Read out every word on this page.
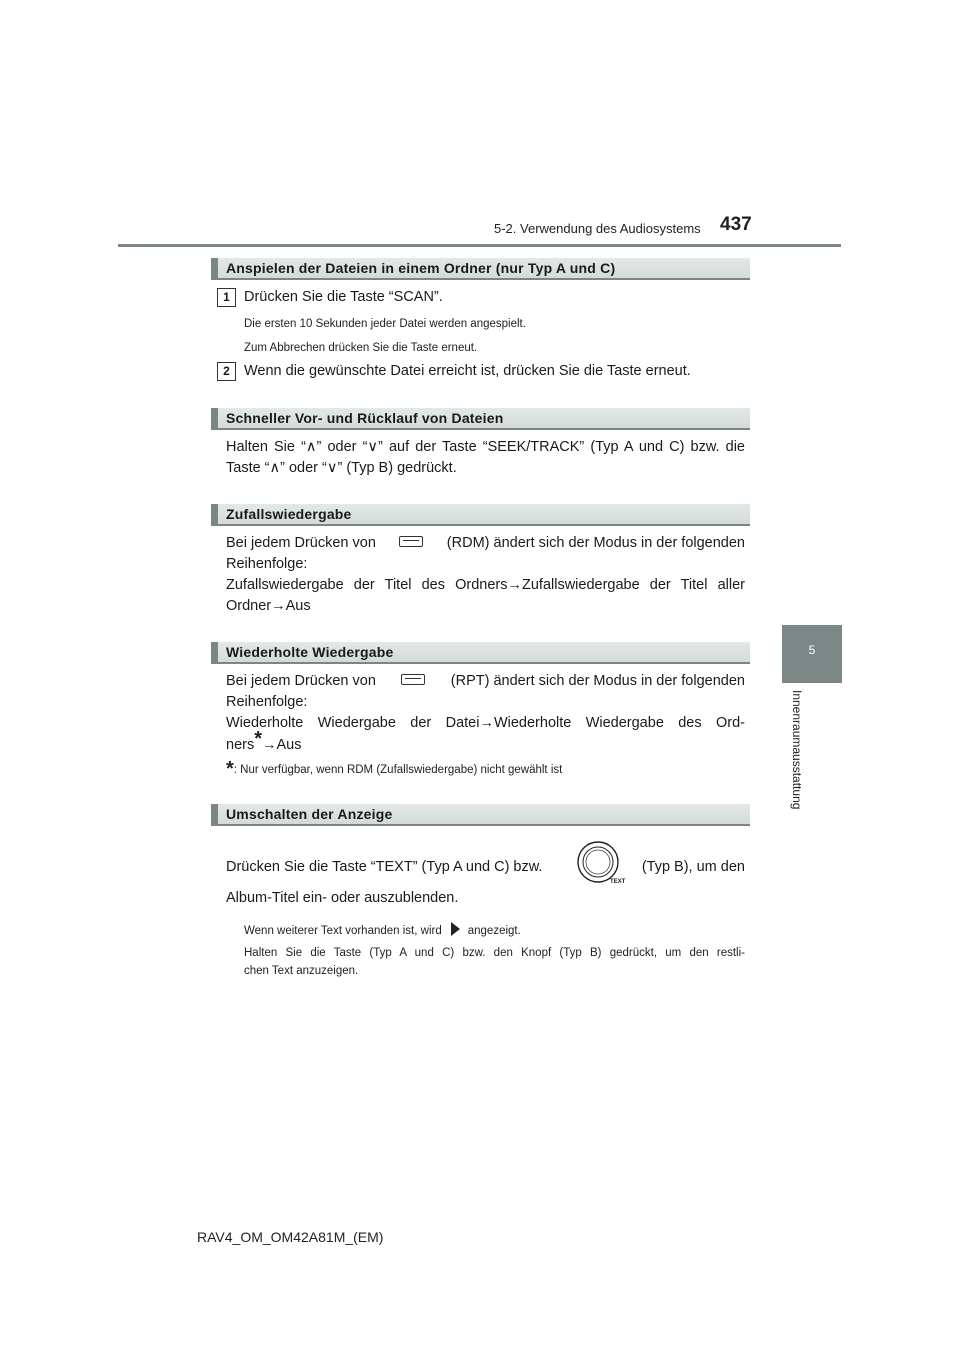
5-2. Verwendung des Audiosystems 437
5
Innenraumausstattung
Anspielen der Dateien in einem Ordner (nur Typ A und C)
1 Drücken Sie die Taste “SCAN”.
Die ersten 10 Sekunden jeder Datei werden angespielt.
Zum Abbrechen drücken Sie die Taste erneut.
2 Wenn die gewünschte Datei erreicht ist, drücken Sie die Taste erneut.
Schneller Vor- und Rücklauf von Dateien
Halten Sie “∧” oder “∨” auf der Taste “SEEK/TRACK” (Typ A und C) bzw. die
Taste “∧” oder “∨” (Typ B) gedrückt.
Zufallswiedergabe
Bei jedem Drücken von	(RDM) ändert sich der Modus in der folgenden
Reihenfolge:
Zufallswiedergabe der Titel des Ordners→Zufallswiedergabe der Titel aller
Ordner→Aus
Wiederholte Wiedergabe
Bei jedem Drücken von	(RPT) ändert sich der Modus in der folgenden
Reihenfolge:
Wiederholte Wiedergabe der Datei→Wiederholte Wiedergabe des Ord-
ners*→Aus
*: Nur verfügbar, wenn RDM (Zufallswiedergabe) nicht gewählt ist
Umschalten der Anzeige
Drücken Sie die Taste “TEXT” (Typ A und C) bzw.	(Typ B), um den
TEXT
Album-Titel ein- oder auszublenden.
Wenn weiterer Text vorhanden ist, wird angezeigt.
Halten Sie die Taste (Typ A und C) bzw. den Knopf (Typ B) gedrückt, um den restli-
chen Text anzuzeigen.
RAV4_OM_OM42A81M_(EM)
